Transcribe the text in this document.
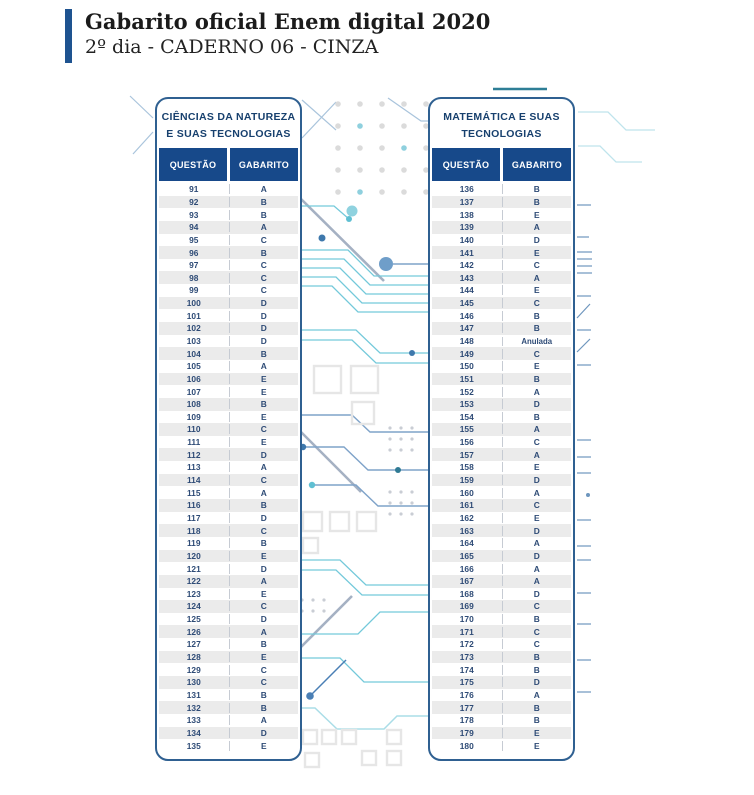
Gabarito oficial Enem digital 2020
2º dia - CADERNO 06 - CINZA
CIÊNCIAS DA NATUREZA
E SUAS TECNOLOGIAS
QUESTÃO	GABARITO
91	A
92	B
93	B
94	A
95	C
96	B
97	C
98	C
99	C
100	D
101	D
102	D
103	D
104	B
105	A
106	E
107	E
108	B
109	E
110	C
111	E
112	D
113	A
114	C
115	A
116	B
117	D
118	C
119	B
120	E
121	D
122	A
123	E
124	C
125	D
126	A
127	B
128	E
129	C
130	C
131	B
132	B
133	A
134	D
135	E
MATEMÁTICA E SUAS
TECNOLOGIAS
QUESTÃO	GABARITO
136	B
137	B
138	E
139	A
140	D
141	E
142	C
143	A
144	E
145	C
146	B
147	B
148	Anulada
149	C
150	E
151	B
152	A
153	D
154	B
155	A
156	C
157	A
158	E
159	D
160	A
161	C
162	E
163	D
164	A
165	D
166	A
167	A
168	D
169	C
170	B
171	C
172	C
173	B
174	B
175	D
176	A
177	B
178	B
179	E
180	E
